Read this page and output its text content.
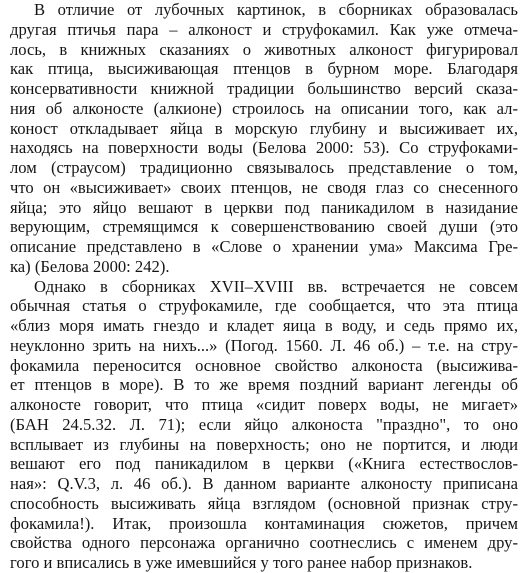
В отличие от лубочных картинок, в сборниках образовалась
другая птичья пара – алконост и струфокамил. Как уже отмеча-
лось, в книжных сказаниях о животных алконост фигурировал
как птица, высиживающая птенцов в бурном море. Благодаря
консервативности книжной традиции большинство версий сказа-
ния об алконосте (алкионе) строилось на описании того, как ал-
коност откладывает яйца в морскую глубину и высиживает их,
находясь на поверхности воды (Белова 2000: 53). Со струфоками-
лом (страусом) традиционно связывалось представление о том,
что он «высиживает» своих птенцов, не сводя глаз со снесенного
яйца; это яйцо вешают в церкви под паникадилом в назидание
верующим, стремящимся к совершенствованию своей души (это
описание представлено в «Слове о хранении ума» Максима Гре-
ка) (Белова 2000: 242).
Однако в сборниках XVII–XVIII вв. встречается не совсем
обычная статья о струфокамиле, где сообщается, что эта птица
«близ моря имать гнездо и кладет яица в воду, и седь прямо их,
неуклонно зрить на нихъ...» (Погод. 1560. Л. 46 об.) – т.е. на стру-
фокамила переносится основное свойство алконоста (высижива-
ет птенцов в море). В то же время поздний вариант легенды об
алконосте говорит, что птица «сидит поверх воды, не мигает»
(БАН 24.5.32. Л. 71); если яйцо алконоста "праздно", то оно
всплывает из глубины на поверхность; оно не портится, и люди
вешают его под паникадилом в церкви («Книга естествослов-
ная»: Q.V.3, л. 46 об.). В данном варианте алконосту приписана
способность высиживать яйца взглядом (основной признак стру-
фокамила!). Итак, произошла контаминация сюжетов, причем
свойства одного персонажа органично соотнеслись с именем дру-
гого и вписались в уже имевшийся у того ранее набор признаков.
